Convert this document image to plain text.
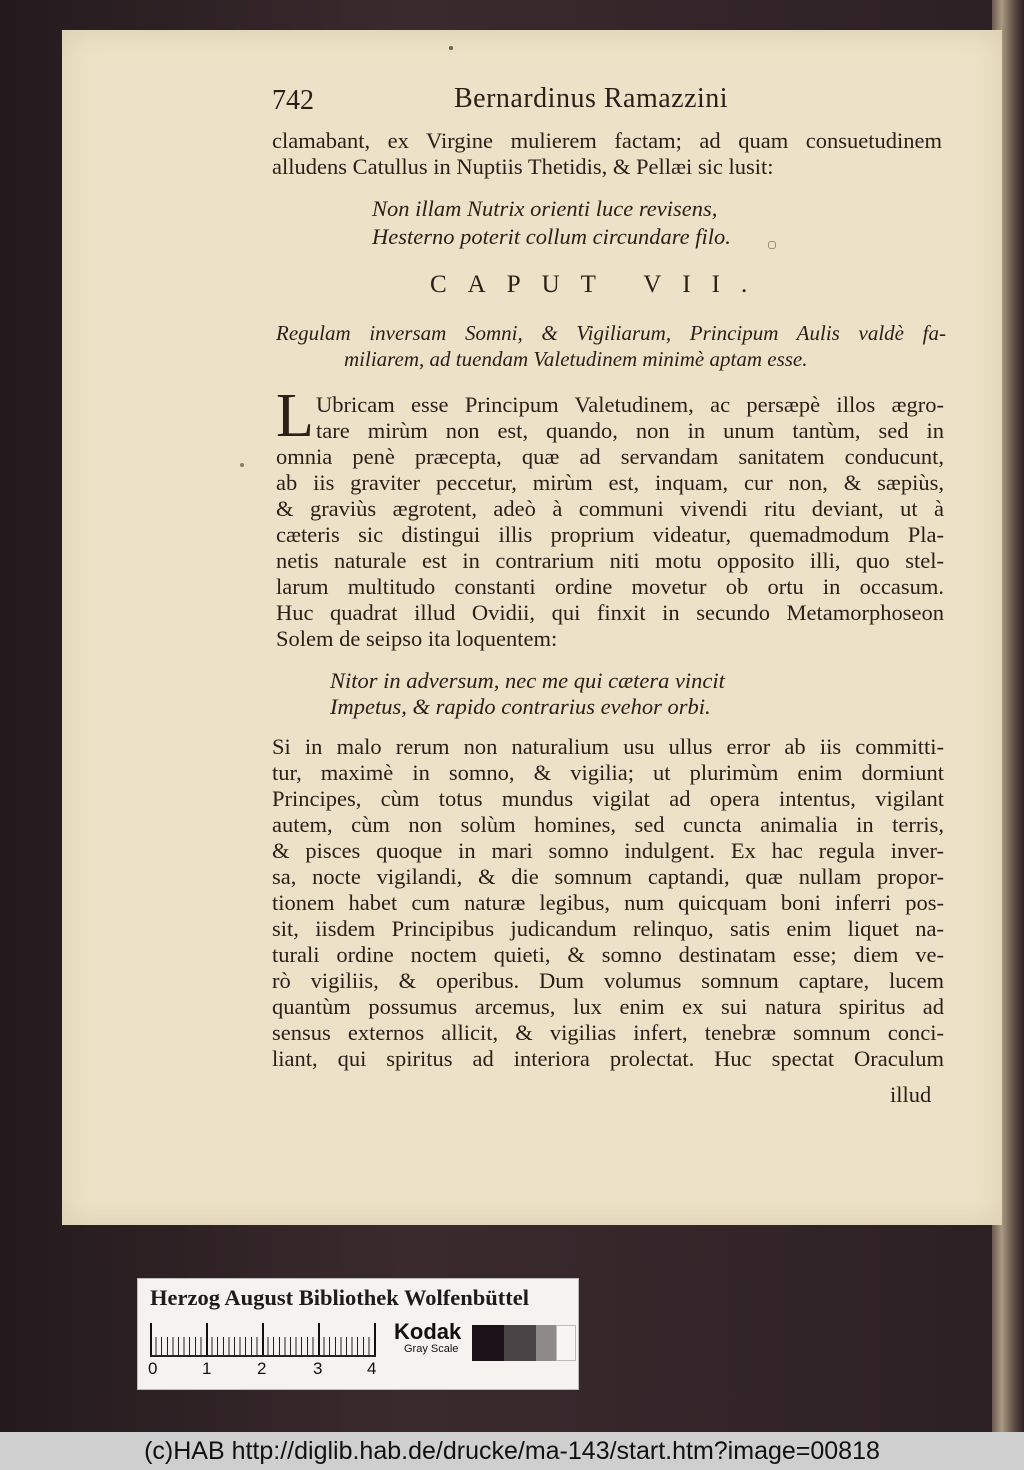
742	Bernardinus Ramazzini
clamabant, ex Virgine mulierem factam; ad quam consuetudinem
alludens Catullus in Nuptiis Thetidis, & Pellæi sic lusit:
Non illam Nutrix orienti luce revisens,
Hesterno poterit collum circundare filo.
CAPUT VII.
Regulam inversam Somni, & Vigiliarum, Principum Aulis valdè fa-
miliarem, ad tuendam Valetudinem minimè aptam esse.
L Ubricam esse Principum Valetudinem, ac persæpè illos ægro-
tare mirùm non est, quando, non in unum tantùm, sed in
omnia penè præcepta, quæ ad servandam sanitatem conducunt,
ab iis graviter peccetur, mirùm est, inquam, cur non, & sæpiùs,
& graviùs ægrotent, adeò à communi vivendi ritu deviant, ut à
cæteris sic distingui illis proprium videatur, quemadmodum Pla-
netis naturale est in contrarium niti motu opposito illi, quo stel-
larum multitudo constanti ordine movetur ob ortu in occasum.
Huc quadrat illud Ovidii, qui finxit in secundo Metamorphoseon
Solem de seipso ita loquentem:
Nitor in adversum, nec me qui cætera vincit
Impetus, & rapido contrarius evehor orbi.
Si in malo rerum non naturalium usu ullus error ab iis committi-
tur, maximè in somno, & vigilia; ut plurimùm enim dormiunt
Principes, cùm totus mundus vigilat ad opera intentus, vigilant
autem, cùm non solùm homines, sed cuncta animalia in terris,
& pisces quoque in mari somno indulgent. Ex hac regula inver-
sa, nocte vigilandi, & die somnum captandi, quæ nullam propor-
tionem habet cum naturæ legibus, num quicquam boni inferri pos-
sit, iisdem Principibus judicandum relinquo, satis enim liquet na-
turali ordine noctem quieti, & somno destinatam esse; diem ve-
rò vigiliis, & operibus. Dum volumus somnum captare, lucem
quantùm possumus arcemus, lux enim ex sui natura spiritus ad
sensus externos allicit, & vigilias infert, tenebræ somnum conci-
liant, qui spiritus ad interiora prolectat. Huc spectat Oraculum
illud
Herzog August Bibliothek Wolfenbüttel
0	1	2	3	4
Kodak
Gray Scale
(c)HAB http://diglib.hab.de/drucke/ma-143/start.htm?image=00818
